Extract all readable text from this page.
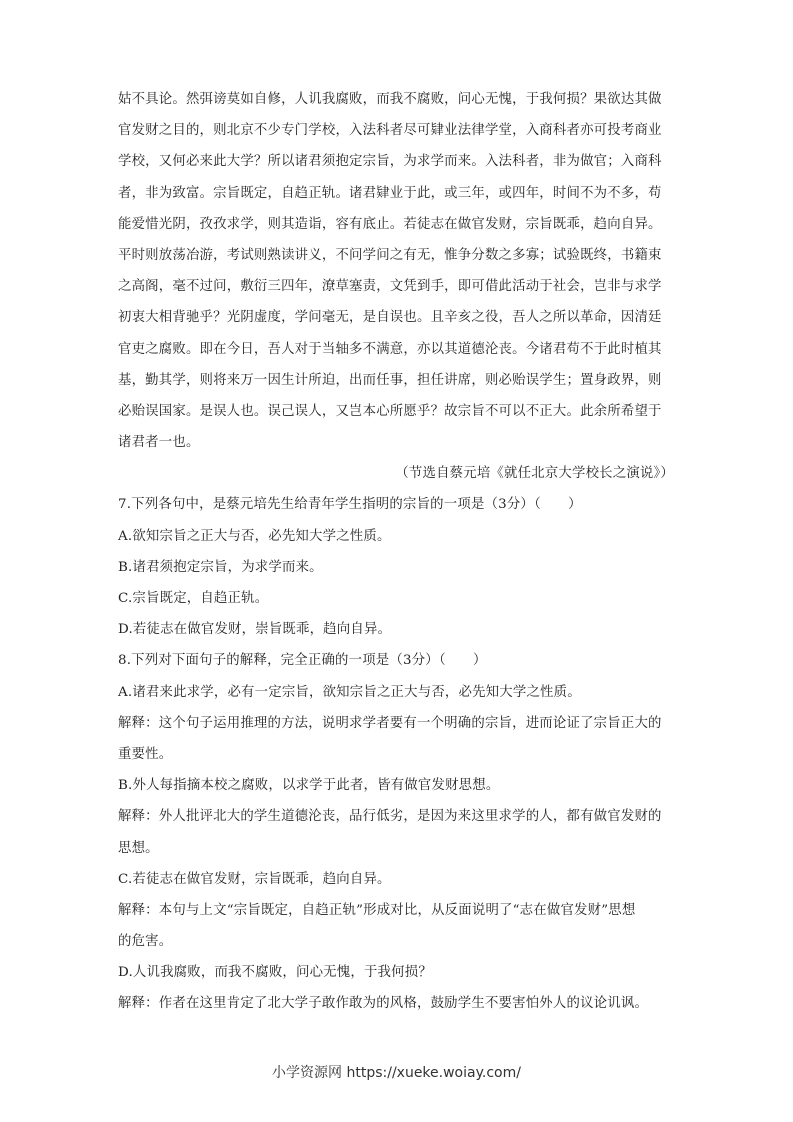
姑不具论。然弭谤莫如自修，人讥我腐败，而我不腐败，问心无愧，于我何损？果欲达其做
官发财之目的，则北京不少专门学校，入法科者尽可肄业法律学堂，入商科者亦可投考商业
学校，又何必来此大学？所以诸君须抱定宗旨，为求学而来。入法科者，非为做官；入商科
者，非为致富。宗旨既定，自趋正轨。诸君肄业于此，或三年，或四年，时间不为不多，苟
能爱惜光阴，孜孜求学，则其造诣，容有底止。若徒志在做官发财，宗旨既乖，趋向自异。
平时则放荡冶游，考试则熟读讲义，不问学问之有无，惟争分数之多寡；试验既终，书籍束
之高阁，毫不过问，敷衍三四年，潦草塞责，文凭到手，即可借此活动于社会，岂非与求学
初衷大相背驰乎？光阴虚度，学问毫无，是自误也。且辛亥之役，吾人之所以革命，因清廷
官吏之腐败。即在今日，吾人对于当轴多不满意，亦以其道德沦丧。今诸君苟不于此时植其
基，勤其学，则将来万一因生计所迫，出而任事，担任讲席，则必贻误学生；置身政界，则
必贻误国家。是误人也。误己误人，又岂本心所愿乎？故宗旨不可以不正大。此余所希望于
诸君者一也。
（节选自蔡元培《就任北京大学校长之演说》）
7.下列各句中，是蔡元培先生给青年学生指明的宗旨的一项是（3分）（　　）
A.欲知宗旨之正大与否，必先知大学之性质。
B.诸君须抱定宗旨，为求学而来。
C.宗旨既定，自趋正轨。
D.若徒志在做官发财，崇旨既乖，趋向自异。
8.下列对下面句子的解释，完全正确的一项是（3分）（　　）
A.诸君来此求学，必有一定宗旨，欲知宗旨之正大与否，必先知大学之性质。
解释：这个句子运用推理的方法，说明求学者要有一个明确的宗旨，进而论证了宗旨正大的
重要性。
B.外人每指摘本校之腐败，以求学于此者，皆有做官发财思想。
解释：外人批评北大的学生道德沦丧，品行低劣，是因为来这里求学的人，都有做官发财的
思想。
C.若徒志在做官发财，宗旨既乖，趋向自异。
解释：本句与上文“宗旨既定，自趋正轨”形成对比，从反面说明了“志在做官发财”思想
的危害。
D.人讥我腐败，而我不腐败，问心无愧，于我何损？
解释：作者在这里肯定了北大学子敢作敢为的风格，鼓励学生不要害怕外人的议论讥讽。
小学资源网 https://xueke.woiay.com/
